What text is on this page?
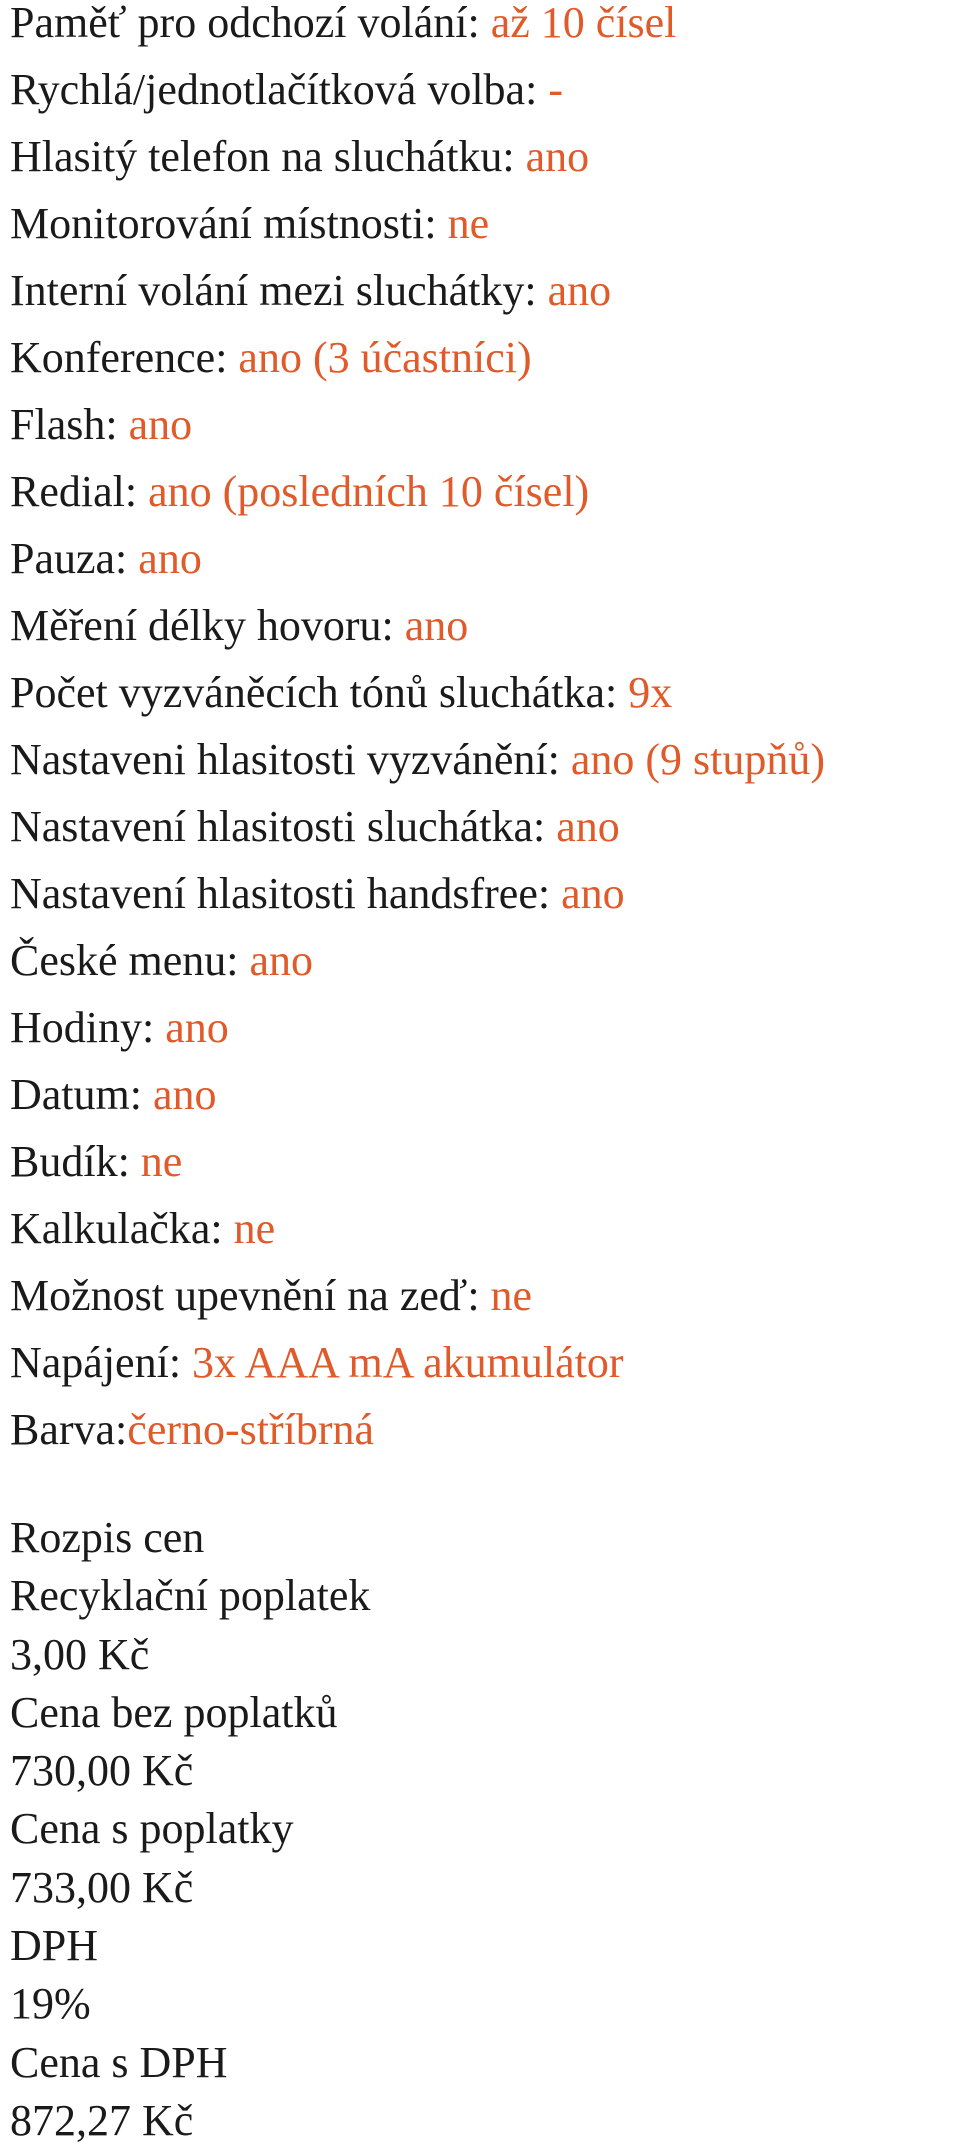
Paměť pro odchozí volání: až 10 čísel
Rychlá/jednotlačítková volba: -
Hlasitý telefon na sluchátku: ano
Monitorování místnosti: ne
Interní volání mezi sluchátky: ano
Konference: ano (3 účastníci)
Flash: ano
Redial: ano (posledních 10 čísel)
Pauza: ano
Měření délky hovoru: ano
Počet vyzváněcích tónů sluchátka: 9x
Nastaveni hlasitosti vyzvánění: ano (9 stupňů)
Nastavení hlasitosti sluchátka: ano
Nastavení hlasitosti handsfree: ano
České menu: ano
Hodiny: ano
Datum: ano
Budík: ne
Kalkulačka: ne
Možnost upevnění na zeď: ne
Napájení: 3x AAA mA akumulátor
Barva:černo-stříbrná
Rozpis cen
Recyklační poplatek
3,00 Kč
Cena bez poplatků
730,00 Kč
Cena s poplatky
733,00 Kč
DPH
19%
Cena s DPH
872,27 Kč
